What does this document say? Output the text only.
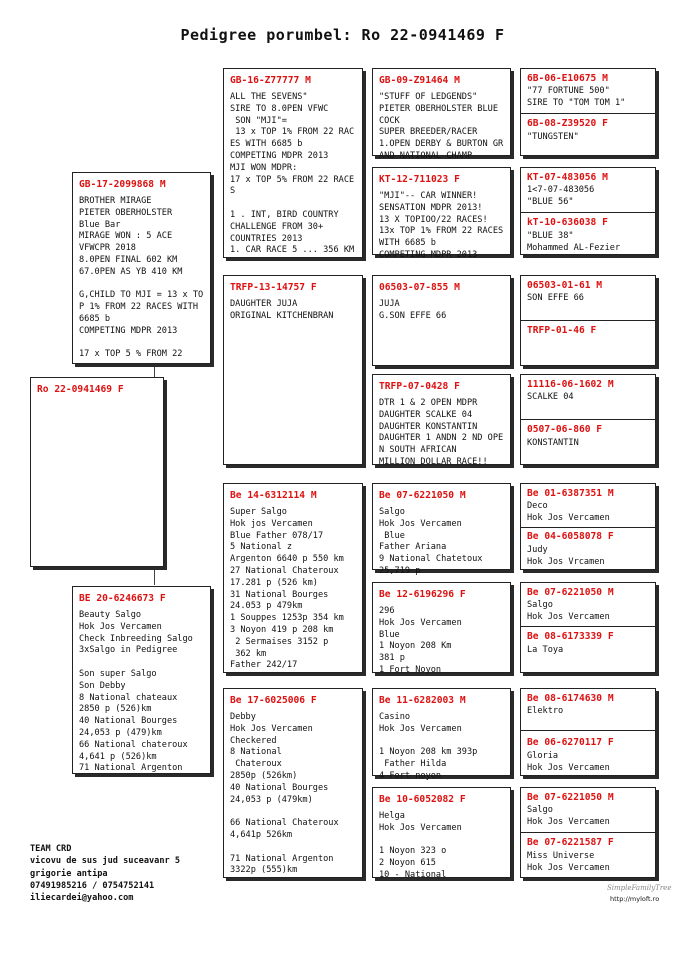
Pedigree porumbel: Ro 22-0941469 F
Ro 22-0941469 F
GB-17-2099868 M
BROTHER MIRAGE
PIETER OBERHOLSTER
Blue Bar
MIRAGE WON : 5 ACE
VFWCPR 2018
8.0PEN FINAL 602 KM
67.0PEN AS YB 410 KM

G,CHILD TO MJI = 13 x TO
P 1% FROM 22 RACES WITH
6685 b
COMPETING MDPR 2013

17 x TOP 5 % FROM 22
BE 20-6246673 F
Beauty Salgo
Hok Jos Vercamen
Check Inbreeding Salgo
3xSalgo in Pedigree

Son super Salgo
Son Debby
8 National chateaux
2850 p (526)km
40 National Bourges
24,053 p (479)km
66 National chateroux
4,641 p (526)km
71 National Argenton
GB-16-Z77777 M
ALL THE SEVENS"
SIRE TO 8.0PEN VFWC
SON "MJI"=
13 x TOP 1% FROM 22 RAC
ES WITH 6685 b
COMPETING MDPR 2013
MJI WON MDPR:
17 x TOP 5% FROM 22 RACE
S

1 . INT, BIRD COUNTRY
CHALLENGE FROM 30+
COUNTRIES 2013
1. CAR RACE 5 ... 356 KM
TRFP-13-14757 F
DAUGHTER JUJA
ORIGINAL KITCHENBRAN
Be 14-6312114 M
Super Salgo
Hok jos Vercamen
Blue Father 078/17
5 National z
Argenton 6640 p 550 km
27 National Chateroux
17.281 p (526 km)
31 National Bourges
24.053 p 479km
1 Souppes 1253p 354 km
3 Noyon 419 p 208 km
2 Sermaises 3152 p
362 km
Father 242/17
Be 17-6025006 F
Debby
Hok Jos Vercamen
Checkered
8 National
Chateroux
2850p (526km)
40 National Bourges
24,053 p (479km)

66 National Chateroux
4,641p 526km

71 National Argenton
3322p (555)km
GB-09-Z91464 M
"STUFF OF LEDGENDS"
PIETER OBERHOLSTER BLUE
COCK
SUPER BREEDER/RACER
1.OPEN DERBY & BURTON GR
AND NATIONAL CHAMP
KT-12-711023 F
"MJI"-- CAR WINNER!
SENSATION MDPR 2013!
13 X TOPIOO/22 RACES!
13x TOP 1% FROM 22 RACES
WITH 6685 b
COMPETING MDPR 2013
06503-07-855 M
JUJA
G.SON EFFE 66
TRFP-07-0428 F
DTR 1 & 2 OPEN MDPR
DAUGHTER SCALKE 04
DAUGHTER KONSTANTIN
DAUGHTER 1 ANDN 2 ND OPE
N SOUTH AFRICAN
MILLION DOLLAR RACE!!
Be 07-6221050 M
Salgo
Hok Jos Vercamen
Blue
Father Ariana
9 National Chatetoux
25,719 p
Be 12-6196296 F
296
Hok Jos Vercamen
Blue
1 Noyon 208 Km
381 p
1 Fort Noyon
Be 11-6282003 M
Casino
Hok Jos Vercamen

1 Noyon 208 km 393p
Father Hilda
4 Fort noyon
Be 10-6052082 F
Helga
Hok Jos Vercamen

1 Noyon 323 o
2 Noyon 615
10 - National
6B-06-E10675 M
"77 FORTUNE 500"
SIRE TO "TOM TOM 1"
6B-08-Z39520 F
"TUNGSTEN"
KT-07-483056 M
1<7-07-483056
"BLUE 56"
kT-10-636038 F
"BLUE 38"
Mohammed AL-Fezier
06503-01-61 M
SON EFFE 66
TRFP-01-46 F
11116-06-1602 M
SCALKE 04
0507-06-860 F
KONSTANTIN
Be 01-6387351 M
Deco
Hok Jos Vercamen
Be 04-6058078 F
Judy
Hok Jos Vrcamen
Be 07-6221050 M
Salgo
Hok Jos Vercamen
Be 08-6173339 F
La Toya
Be 08-6174630 M
Elektro
Be 06-6270117 F
Gloria
Hok Jos Vercamen
Be 07-6221050 M
Salgo
Hok Jos Vercamen
Be 07-6221587 F
Miss Universe
Hok Jos Vercamen
TEAM CRD
vicovu de sus jud suceavanr 5
grigorie antipa
07491985216 / 0754752141
iliecardei@yahoo.com
SimpleFamilyTree
http://myloft.ro
